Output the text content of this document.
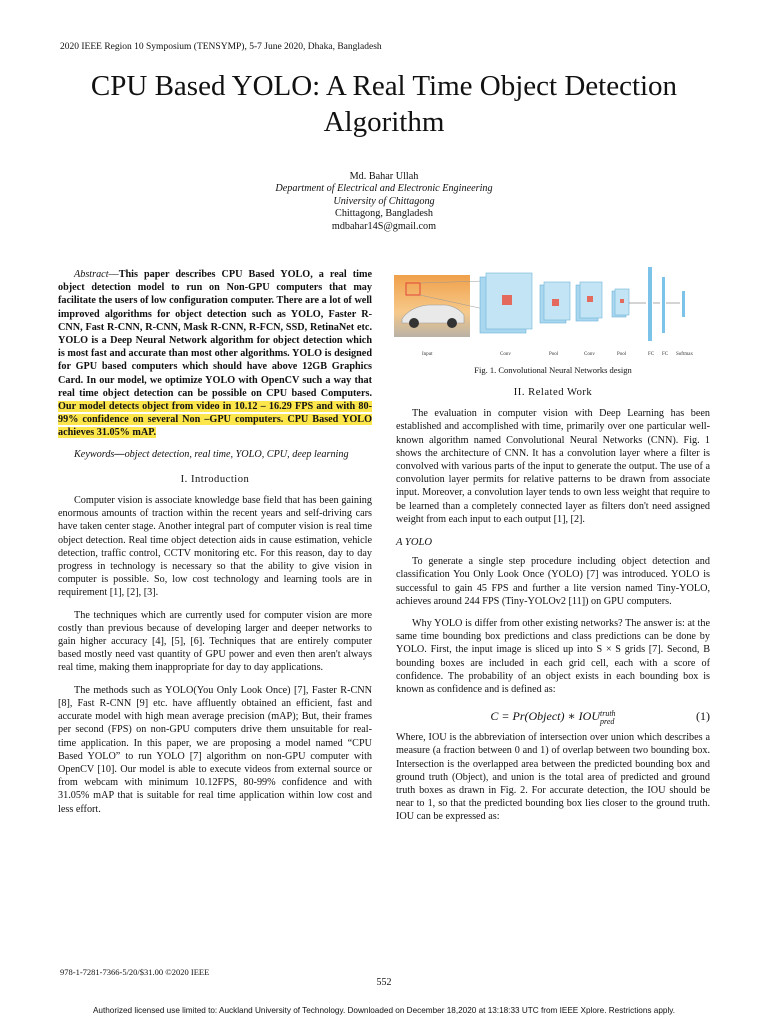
2020 IEEE Region 10 Symposium (TENSYMP), 5-7 June 2020, Dhaka, Bangladesh
CPU Based YOLO: A Real Time Object Detection Algorithm
Md. Bahar Ullah
Department of Electrical and Electronic Engineering
University of Chittagong
Chittagong, Bangladesh
mdbahar14S@gmail.com
Abstract—This paper describes CPU Based YOLO, a real time object detection model to run on Non-GPU computers that may facilitate the users of low configuration computer. There are a lot of well improved algorithms for object detection such as YOLO, Faster R-CNN, Fast R-CNN, R-CNN, Mask R-CNN, R-FCN, SSD, RetinaNet etc. YOLO is a Deep Neural Network algorithm for object detection which is most fast and accurate than most other algorithms. YOLO is designed for GPU based computers which should have above 12GB Graphics Card. In our model, we optimize YOLO with OpenCV such a way that real time object detection can be possible on CPU based Computers. Our model detects object from video in 10.12 – 16.29 FPS and with 80-99% confidence on several Non –GPU computers. CPU Based YOLO achieves 31.05% mAP.
Keywords—object detection, real time, YOLO, CPU, deep learning
I. Introduction

Computer vision is associate knowledge base field that has been gaining enormous amounts of traction within the recent years and self-driving cars have taken center stage. Another integral part of computer vision is real time object detection. Real time object detection aids in cause estimation, vehicle detection, traffic control, CCTV monitoring etc. For this reason, day to day progress in technology is necessary so that the ability to give vision in computer is possible. So, low cost technology and learning tools are in requirement [1], [2], [3].

The techniques which are currently used for computer vision are more costly than previous because of developing larger and deeper networks to gain higher accuracy [4], [5], [6]. Techniques that are entirely computer based mostly need vast quantity of GPU power and even then aren't always real time, making them inappropriate for day to day applications.

The methods such as YOLO(You Only Look Once) [7], Faster R-CNN [8], Fast R-CNN [9] etc. have affluently obtained an efficient, fast and accurate model with high mean average precision (mAP); But, their frames per second (FPS) on non-GPU computers drive them unsuitable for real-time application. In this paper, we are proposing a model named “CPU Based YOLO” to run YOLO [7] algorithm on non-GPU computer with OpenCV [10]. Our model is able to execute videos from external source or from webcam with minimum 10.12FPS, 80-99% confidence and with 31.05% mAP that is suitable for real time application within low cost and less effort.

Input	Conv	Pool	Conv	Pool	FC FC Softmax
Fig. 1. Convolutional Neural Networks design
II. Related Work

The evaluation in computer vision with Deep Learning has been established and accomplished with time, primarily over one particular well-known algorithm named Convolutional Neural Networks (CNN). Fig. 1 shows the architecture of CNN. It has a convolution layer where a filter is convolved with various parts of the input to generate the output. The use of a convolution layer permits for relative patterns to be drawn from associate input. Moreover, a convolution layer tends to own less weight that require to be learned than a completely connected layer as filters don't need assigned weight from each input to each output [1], [2].

A YOLO

To generate a single step procedure including object detection and classification You Only Look Once (YOLO) [7] was introduced. YOLO is successful to gain 45 FPS and further a lite version named Tiny-YOLO, achieves around 244 FPS (Tiny-YOLOv2 [11]) on GPU computers.

Why YOLO is differ from other existing networks? The answer is: at the same time bounding box predictions and class predictions can be done by YOLO. First, the input image is sliced up into S × S grids [7]. Second, B bounding boxes are included in each grid cell, each with a score of confidence. The probability of an object exists in each bounding box is known as confidence and is defined as:

C = Pr(Object) ∗ IOU truth
pred	(1)

Where, IOU is the abbreviation of intersection over union which describes a measure (a fraction between 0 and 1) of overlap between two bounding box. Intersection is the overlapped area between the predicted bounding box and ground truth (Object), and union is the total area of predicted and ground truth boxes as drawn in Fig. 2. For accurate detection, the IOU should be near to 1, so that the predicted bounding box lies closer to the ground truth. IOU can be expressed as:

978-1-7281-7366-5/20/$31.00 ©2020 IEEE
552
Authorized licensed use limited to: Auckland University of Technology. Downloaded on December 18,2020 at 13:18:33 UTC from IEEE Xplore. Restrictions apply.
